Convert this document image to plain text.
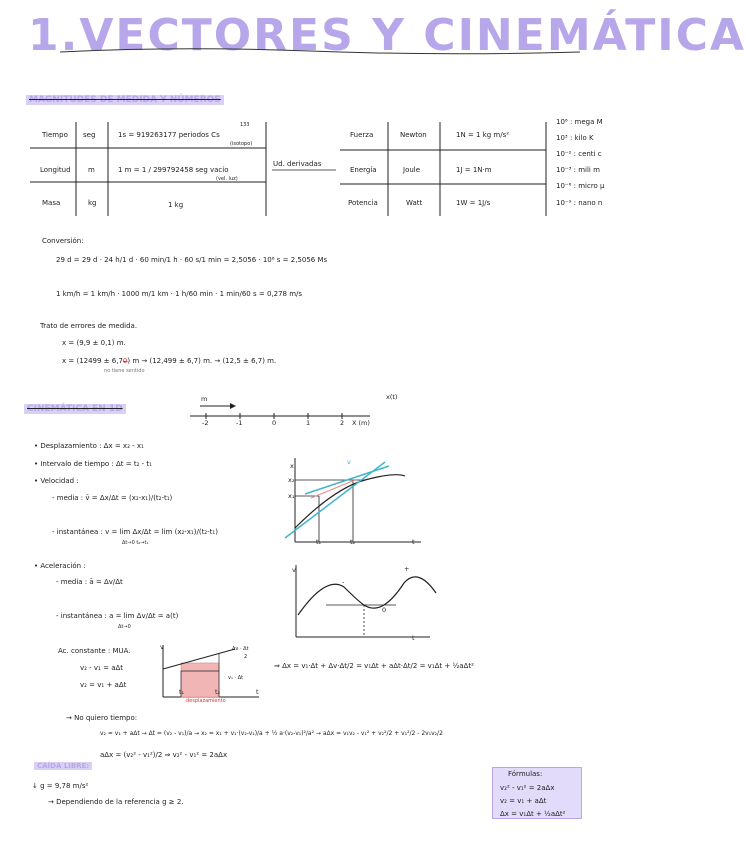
1.VECTORES Y CINEMÁTICA
MAGNITUDES DE MEDIDA Y NÚMEROS
Tiempo seg	1s = 919263177 periodos Cs
133
(isotopo)
Longitud m	1 m = 1 / 299792458 seg vacío
(vel. luz)
Masa	kg	1 kg
Ud. derivadas
Fuerza	Newton	1N = 1 kg m/s²
Energía	Joule	1J = 1N·m
Potencia	Watt	1W = 1J/s
10⁶ : mega M
10³ : kilo K
10⁻² : centi c
10⁻³ : mili m
10⁻⁶ : micro μ
10⁻⁹ : nano n
Conversión:
29 d = 29 d · 24 h/1 d · 60 min/1 h · 60 s/1 min = 2,5056 · 10⁶ s = 2,5056 Ms
1 km/h = 1 km/h · 1000 m/1 km · 1 h/60 min · 1 min/60 s = 0,278 m/s
Trato de errores de medida.
x = (9,9 ± 0,1) m.
x = (12499 ± 6,70) m → (12,499 ± 6,7) m. → (12,5 ± 6,7) m.
no tiene sentido
CINEMÁTICA EN 1D
m
-2	-1	0	1	2 X (m)
x(t)
• Desplazamiento : Δx = x₂ - x₁
• Intervalo de tiempo : Δt = t₂ - t₁
• Velocidad :
- media : v̄ = Δx/Δt = (x₂-x₁)/(t₂-t₁)
- instantánea : v = lim Δx/Δt = lim (x₂-x₁)/(t₂-t₁)
Δt→0 t₂→t₁
x
x₂
x₁
t₁	t₂	t
v
• Aceleración :
- media : ā = Δv/Δt
- instantánea : a = lim Δv/Δt = a(t)
Δt→0
v
t
-
+
0
Ac. constante : MUA.
v₂ - v₁ = aΔt
v₂ = v₁ + aΔt
v	Δv · Δt
2
v₁ · Δt
t₁	t₂	t
desplazamiento
⇒ Δx = v₁·Δt + Δv·Δt/2 = v₁Δt + aΔt·Δt/2 = v₁Δt + ½aΔt²
→ No quiero tiempo:
v₂ = v₁ + aΔt → Δt = (v₂ - v₁)/a → x₂ = x₁ + v₁·(v₂-v₁)/a + ½ a·(v₂-v₁)²/a² → aΔx = v₁v₂ - v₁² + v₂²/2 + v₁²/2 - 2v₁v₂/2
aΔx = (v₂² - v₁²)/2 ⇒ v₂² - v₁² = 2aΔx
CAÍDA LIBRE:
↓ g = 9,78 m/s²
→ Dependiendo de la referencia g ≥ 2.
Fórmulas:
v₂² - v₁² = 2aΔx
v₂ = v₁ + aΔt
Δx = v₁Δt + ½aΔt²
